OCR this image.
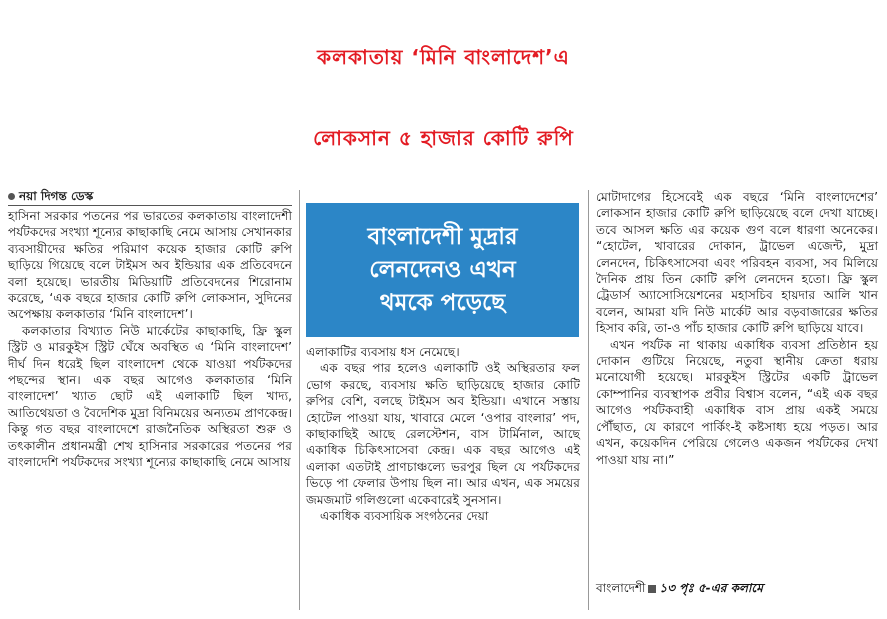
কলকাতায় ‘মিনি বাংলাদেশ’এ
লোকসান ৫ হাজার কোটি রুপি
নয়া দিগন্ত ডেস্ক

হাসিনা সরকার পতনের পর ভারতের কলকাতায় বাংলাদেশী পর্যটকদের সংখ্যা শূন্যের কাছাকাছি নেমে আসায় সেখানকার ব্যবসায়ীদের ক্ষতির পরিমাণ কয়েক হাজার কোটি রুপি ছাড়িয়ে গিয়েছে বলে টাইমস অব ইন্ডিয়ার এক প্রতিবেদনে বলা হয়েছে। ভারতীয় মিডিয়াটি প্রতিবেদনের শিরোনাম করেছে, ‘এক বছরে হাজার কোটি রুপি লোকসান, সুদিনের অপেক্ষায় কলকাতার ‘মিনি বাংলাদেশ’।

কলকাতার বিখ্যাত নিউ মার্কেটের কাছাকাছি, ফ্রি স্কুল স্ট্রিট ও মারকুইস স্ট্রিট ঘেঁষে অবস্থিত এ ‘মিনি বাংলাদেশ’ দীর্ঘ দিন ধরেই ছিল বাংলাদেশ থেকে যাওয়া পর্যটকদের পছন্দের স্থান। এক বছর আগেও কলকাতার ‘মিনি বাংলাদেশ’ খ্যাত ছোট এই এলাকাটি ছিল খাদ্য, আতিথেয়তা ও বৈদেশিক মুদ্রা বিনিময়ের অন্যতম প্রাণকেন্দ্র। কিন্তু গত বছর বাংলাদেশে রাজনৈতিক অস্থিরতা শুরু ও তৎকালীন প্রধানমন্ত্রী শেখ হাসিনার সরকারের পতনের পর বাংলাদেশি পর্যটকদের সংখ্যা শূন্যের কাছাকাছি নেমে আসায়

বাংলাদেশী মুদ্রার
লেনদেনও এখন
থমকে পড়েছে

এলাকাটির ব্যবসায় ধস নেমেছে।

এক বছর পার হলেও এলাকাটি ওই অস্থিরতার ফল ভোগ করছে, ব্যবসায় ক্ষতি ছাড়িয়েছে হাজার কোটি রুপির বেশি, বলছে টাইমস অব ইন্ডিয়া। এখানে সস্তায় হোটেল পাওয়া যায়, খাবারে মেলে ‘ওপার বাংলার’ পদ, কাছাকাছিই আছে রেলস্টেশন, বাস টার্মিনাল, আছে একাধিক চিকিৎসাসেবা কেন্দ্র। এক বছর আগেও এই এলাকা এতটাই প্রাণচাঞ্চল্যে ভরপুর ছিল যে পর্যটকদের ভিড়ে পা ফেলার উপায় ছিল না। আর এখন, এক সময়ের জমজমাট গলিগুলো একেবারেই সুনসান।

একাধিক ব্যবসায়িক সংগঠনের দেয়া

মোটাদাগের হিসেবেই এক বছরে ‘মিনি বাংলাদেশের’ লোকসান হাজার কোটি রুপি ছাড়িয়েছে বলে দেখা যাচ্ছে। তবে আসল ক্ষতি এর কয়েক গুণ বলে ধারণা অনেকের। “হোটেল, খাবারের দোকান, ট্রাভেল এজেন্ট, মুদ্রা লেনদেন, চিকিৎসাসেবা এবং পরিবহন ব্যবসা, সব মিলিয়ে দৈনিক প্রায় তিন কোটি রুপি লেনদেন হতো। ফ্রি স্কুল ট্রেডার্স অ্যাসোসিয়েশনের মহাসচিব হায়দার আলি খান বলেন, আমরা যদি নিউ মার্কেট আর বড়বাজারের ক্ষতির হিসাব করি, তা-ও পাঁচ হাজার কোটি রুপি ছাড়িয়ে যাবে।

এখন পর্যটক না থাকায় একাধিক ব্যবসা প্রতিষ্ঠান হয় দোকান গুটিয়ে নিয়েছে, নতুবা স্থানীয় ক্রেতা ধরায় মনোযোগী হয়েছে। মারকুইস স্ট্রিটের একটি ট্রাভেল কোম্পানির ব্যবস্থাপক প্রবীর বিশ্বাস বলেন, “এই এক বছর আগেও পর্যটকবাহী একাধিক বাস প্রায় একই সময়ে পৌঁছাত, যে কারণে পার্কিং-ই কষ্টসাধ্য হয়ে পড়ত। আর এখন, কয়েকদিন পেরিয়ে গেলেও একজন পর্যটকের দেখা পাওয়া যায় না।”

বাংলাদেশী ১৩ পৃঃ ৫-এর কলামে
